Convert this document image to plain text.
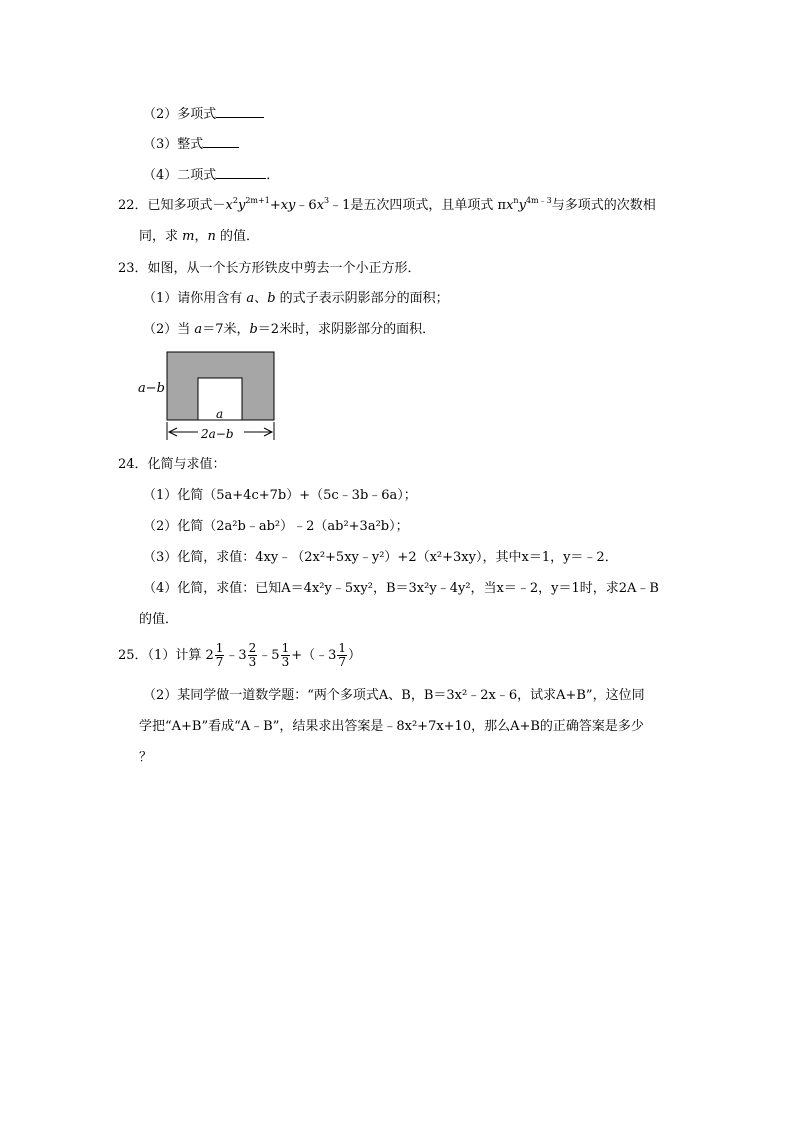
（2）多项式
（3）整式
（4）二项式	．
22．已知多项式$-x^2y^{2m+1}+xy﹣6x^3﹣1$是五次四项式，且单项式 $\pi x^ny^{4m﹣3}$与多项式的次数相
同，求 m，n 的值．
23．如图，从一个长方形铁皮中剪去一个小正方形．
（1）请你用含有 a、b 的式子表示阴影部分的面积；
（2）当 a＝7米，b＝2米时，求阴影部分的面积．
a−b
a
2a−b
24．化简与求值：
（1）化简（5a+4c+7b）+（5c﹣3b﹣6a）；
（2）化简（2a²b﹣ab²）﹣2（ab²+3a²b）；
（3）化简，求值：4xy﹣（2x²+5xy﹣y²）+2（x²+3xy），其中x＝1，y＝﹣2．
（4）化简，求值：已知A＝4x²y﹣5xy²，B＝3x²y﹣4y²，当x＝﹣2，y＝1时，求2A﹣B
的值．
25．（1）计算 $2 \frac{1}{7}$ ﹣3 $\frac{2}{3}$ ﹣5 $\frac{1}{3}$ +（﹣3 $\frac{1}{7}$ ）
（2）某同学做一道数学题：“两个多项式A、B，B＝3x²﹣2x﹣6，试求A+B”，这位同
学把“A+B”看成“A﹣B”，结果求出答案是﹣8x²+7x+10，那么A+B的正确答案是多少
？
